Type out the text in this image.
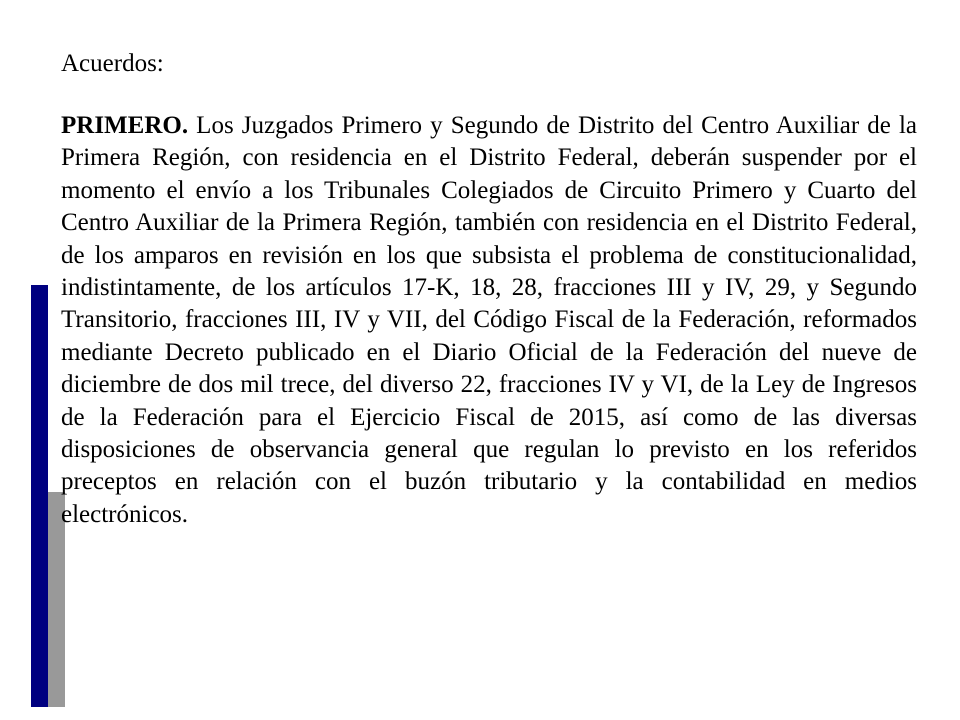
Acuerdos:

PRIMERO. Los Juzgados Primero y Segundo de Distrito del Centro Auxiliar de la Primera Región, con residencia en el Distrito Federal, deberán suspender por el momento el envío a los Tribunales Colegiados de Circuito Primero y Cuarto del Centro Auxiliar de la Primera Región, también con residencia en el Distrito Federal, de los amparos en revisión en los que subsista el problema de constitucionalidad, indistintamente, de los artículos 17-K, 18, 28, fracciones III y IV, 29, y Segundo Transitorio, fracciones III, IV y VII, del Código Fiscal de la Federación, reformados mediante Decreto publicado en el Diario Oficial de la Federación del nueve de diciembre de dos mil trece, del diverso 22, fracciones IV y VI, de la Ley de Ingresos de la Federación para el Ejercicio Fiscal de 2015, así como de las diversas disposiciones de observancia general que regulan lo previsto en los referidos preceptos en relación con el buzón tributario y la contabilidad en medios electrónicos.
